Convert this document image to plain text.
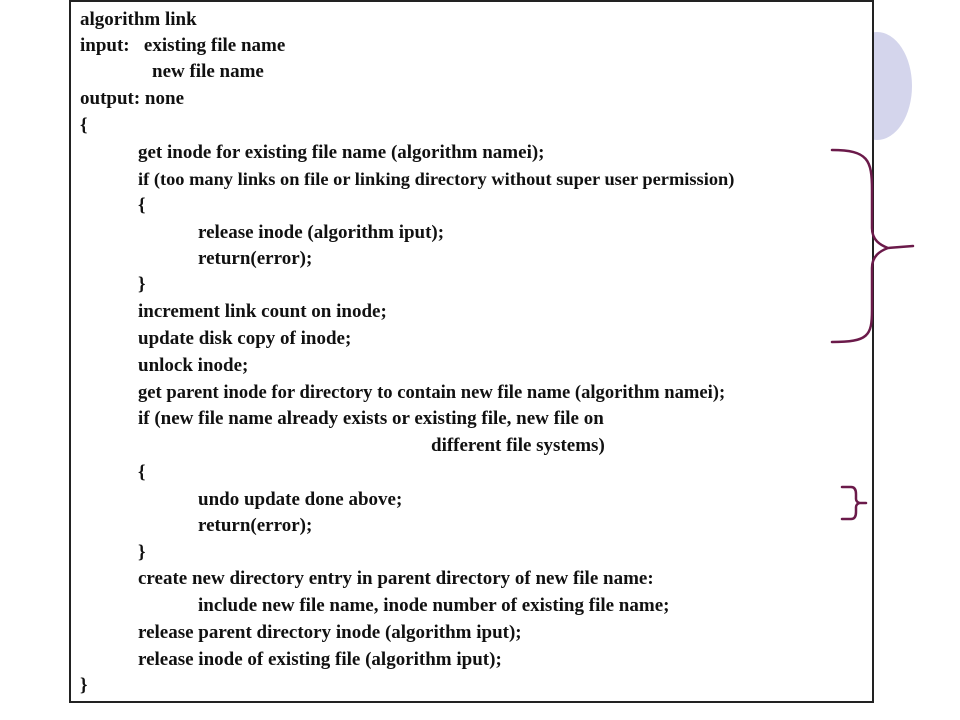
algorithm link
input:   existing file name
new file name
output: none
{
get inode for existing file name (algorithm namei);
if (too many links on file or linking directory without super user permission)
{
release inode (algorithm iput);
return(error);
}
increment link count on inode;
update disk copy of inode;
unlock inode;
get parent inode for directory to contain new file name (algorithm namei);
if (new file name already exists or existing file, new file on
different file systems)
{
undo update done above;
return(error);
}
create new directory entry in parent directory of new file name:
include new file name, inode number of existing file name;
release parent directory inode (algorithm iput);
release inode of existing file (algorithm iput);
}
